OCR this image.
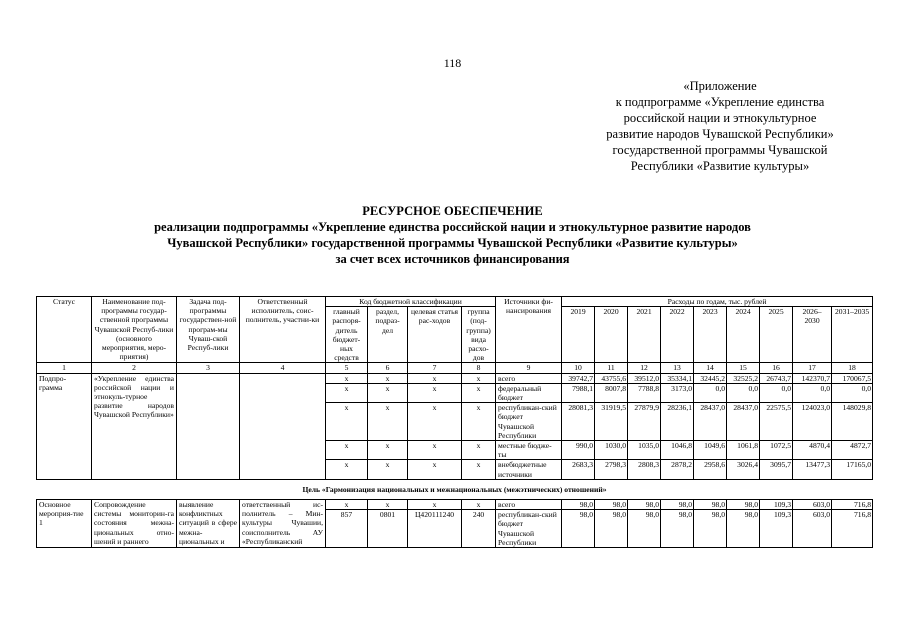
118
«Приложение
к подпрограмме «Укрепление единства
российской нации и этнокультурное
развитие народов Чувашской Республики»
государственной программы Чувашской
Республики «Развитие культуры»
РЕСУРСНОЕ ОБЕСПЕЧЕНИЕ
реализации подпрограммы «Укрепление единства российской нации и этнокультурное развитие народов
Чувашской Республики» государственной программы Чувашской Республики «Развитие культуры»
за счет всех источников финансирования
Статус	Наименование под-программы государ-ственной программы Чувашской Респуб-лики (основного мероприятия, меро-приятия)	Задача под-программы государствен-ной програм-мы Чуваш-ской Респуб-лики	Ответственный исполнитель, соис-полнитель, участни-ки	Код бюджетной классификации				Источники фи-нансирования	Расходы по годам, тыс. рублей								
				главный распоря-дитель бюджет-ных средств	раздел, подраз-дел	целевая статья рас-ходов	группа (под-группа) вида расхо-дов		2019	2020	2021	2022	2023	2024	2025	2026–2030	2031–2035
1	2	3	4	5	6	7	8	9	10	11	12	13	14	15	16	17	18
Подпро-грамма	«Укрепление единства российской нации и этнокуль-турное развитие народов Чувашской Республики»			х	х	х	х	всего	39742,7	43755,6	39512,0	35334,1	32445,2	32525,2	26743,7	142370,7	170067,5
				х	х	х	х	федеральный бюджет	7988,1	8007,8	7788,8	3173,0	0,0	0,0	0,0	0,0	0,0
				х	х	х	х	республикан-ский бюджет Чувашской Республики	28081,3	31919,5	27879,9	28236,1	28437,0	28437,0	22575,5	124023,0	148029,8
				х	х	х	х	местные бюдже-ты	990,0	1030,0	1035,0	1046,8	1049,6	1061,8	1072,5	4870,4	4872,7
				х	х	х	х	внебюджетные источники	2683,3	2798,3	2808,3	2878,2	2958,6	3026,4	3095,7	13477,3	17165,0
Цель «Гармонизация национальных и межнациональных (межэтнических) отношений»																	
Основное мероприя-тие 1	Сопровождение системы мониторин-га состояния межна-циональных отно-шений и раннего	выявление конфликтных ситуаций в сфере межна-циональных и	ответственный ис-полнитель – Мин-культуры Чувашии, соисполнитель АУ «Республиканский	х	х	х	х	всего	98,0	98,0	98,0	98,0	98,0	98,0	109,3	603,0	716,8
				857	0801	Ц420111240	240	республикан-ский бюджет Чувашской Республики	98,0	98,0	98,0	98,0	98,0	98,0	109,3	603,0	716,8
